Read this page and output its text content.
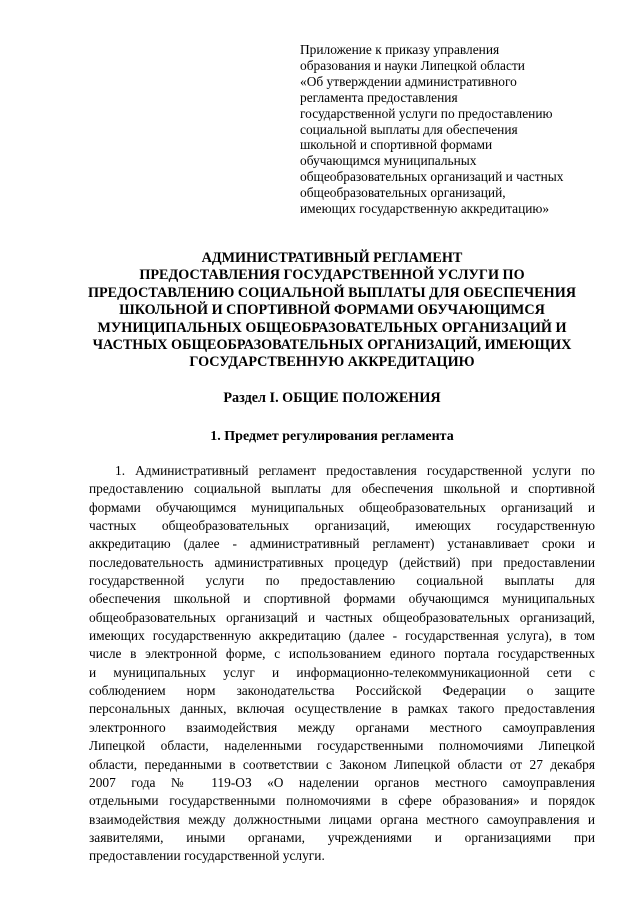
Приложение к приказу управления
образования и науки Липецкой области
«Об утверждении административного
регламента предоставления
государственной услуги по предоставлению
социальной выплаты для обеспечения
школьной и спортивной формами
обучающимся муниципальных
общеобразовательных организаций и частных
общеобразовательных организаций,
имеющих государственную аккредитацию»
АДМИНИСТРАТИВНЫЙ РЕГЛАМЕНТ
ПРЕДОСТАВЛЕНИЯ ГОСУДАРСТВЕННОЙ УСЛУГИ ПО
ПРЕДОСТАВЛЕНИЮ СОЦИАЛЬНОЙ ВЫПЛАТЫ ДЛЯ ОБЕСПЕЧЕНИЯ
ШКОЛЬНОЙ И СПОРТИВНОЙ ФОРМАМИ ОБУЧАЮЩИМСЯ
МУНИЦИПАЛЬНЫХ ОБЩЕОБРАЗОВАТЕЛЬНЫХ ОРГАНИЗАЦИЙ И
ЧАСТНЫХ ОБЩЕОБРАЗОВАТЕЛЬНЫХ ОРГАНИЗАЦИЙ, ИМЕЮЩИХ
ГОСУДАРСТВЕННУЮ АККРЕДИТАЦИЮ
Раздел I. ОБЩИЕ ПОЛОЖЕНИЯ
1. Предмет регулирования регламента
1. Административный регламент предоставления государственной услуги по
предоставлению социальной выплаты для обеспечения школьной и спортивной
формами обучающимся муниципальных общеобразовательных организаций и
частных общеобразовательных организаций, имеющих государственную
аккредитацию (далее - административный регламент) устанавливает сроки и
последовательность административных процедур (действий) при предоставлении
государственной услуги по предоставлению социальной выплаты для
обеспечения школьной и спортивной формами обучающимся муниципальных
общеобразовательных организаций и частных общеобразовательных организаций,
имеющих государственную аккредитацию (далее - государственная услуга), в том
числе в электронной форме, с использованием единого портала государственных
и муниципальных услуг и информационно-телекоммуникационной сети с
соблюдением норм законодательства Российской Федерации о защите
персональных данных, включая осуществление в рамках такого предоставления
электронного взаимодействия между органами местного самоуправления
Липецкой области, наделенными государственными полномочиями Липецкой
области, переданными в соответствии с Законом Липецкой области от 27 декабря
2007 года № 119-ОЗ «О наделении органов местного самоуправления
отдельными государственными полномочиями в сфере образования» и порядок
взаимодействия между должностными лицами органа местного самоуправления и
заявителями, иными органами, учреждениями и организациями при
предоставлении государственной услуги.
